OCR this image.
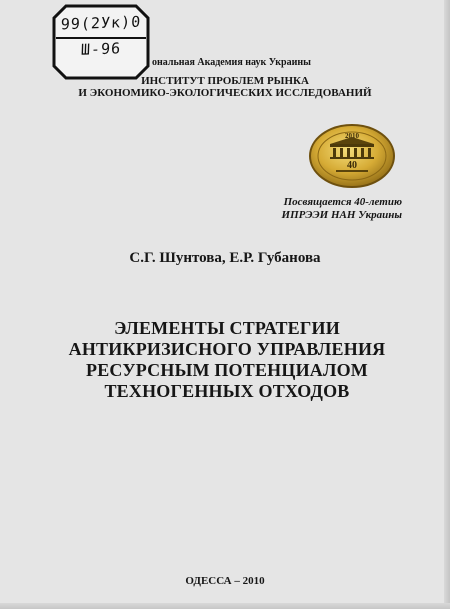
99(2Ук)0
Ш-96
ональная Академия наук Украины
ИНСТИТУТ ПРОБЛЕМ РЫНКА
И ЭКОНОМИКО-ЭКОЛОГИЧЕСКИХ ИССЛЕДОВАНИЙ
2010
40
Посвящается 40-летию
ИПРЭЭИ НАН Украины
С.Г. Шунтова, Е.Р. Губанова
ЭЛЕМЕНТЫ СТРАТЕГИИ
АНТИКРИЗИСНОГО УПРАВЛЕНИЯ
РЕСУРСНЫМ ПОТЕНЦИАЛОМ
ТЕХНОГЕННЫХ ОТХОДОВ
ОДЕССА – 2010
